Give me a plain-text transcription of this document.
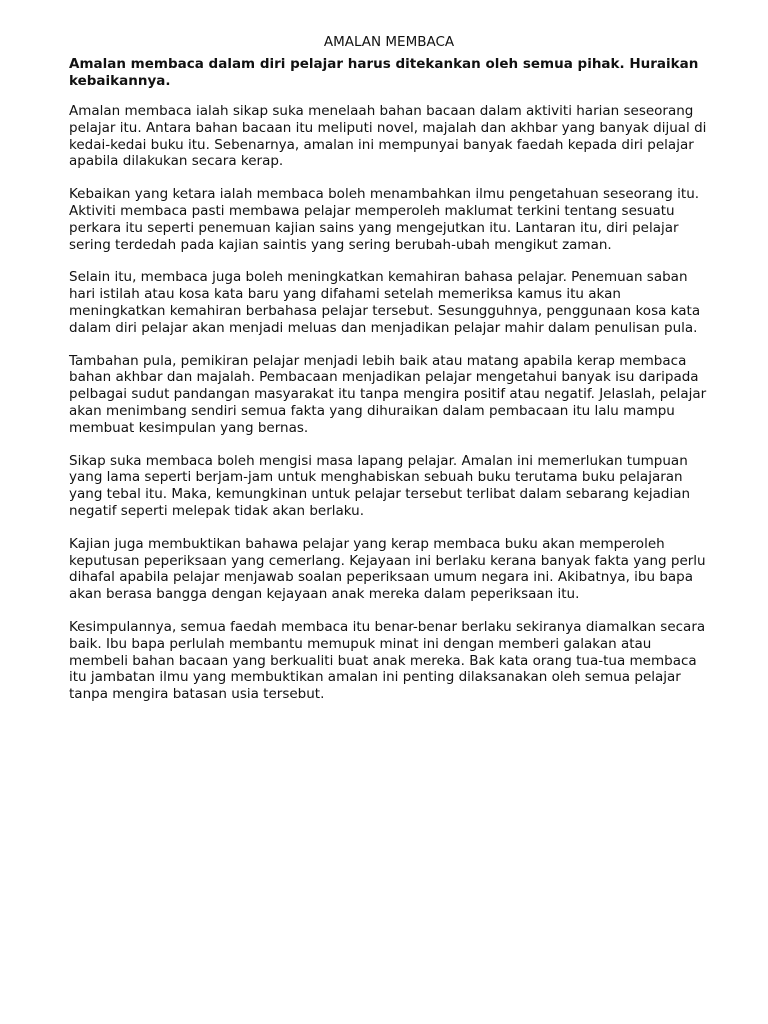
AMALAN MEMBACA
Amalan membaca dalam diri pelajar harus ditekankan oleh semua pihak. Huraikan kebaikannya.

Amalan membaca ialah sikap suka menelaah bahan bacaan dalam aktiviti harian seseorang pelajar itu. Antara bahan bacaan itu meliputi novel, majalah dan akhbar yang banyak dijual di kedai-kedai buku itu. Sebenarnya, amalan ini mempunyai banyak faedah kepada diri pelajar apabila dilakukan secara kerap.

Kebaikan yang ketara ialah membaca boleh menambahkan ilmu pengetahuan seseorang itu. Aktiviti membaca pasti membawa pelajar memperoleh maklumat terkini tentang sesuatu perkara itu seperti penemuan kajian sains yang mengejutkan itu. Lantaran itu, diri pelajar sering terdedah pada kajian saintis yang sering berubah-ubah mengikut zaman.

Selain itu, membaca juga boleh meningkatkan kemahiran bahasa pelajar. Penemuan saban hari istilah atau kosa kata baru yang difahami setelah memeriksa kamus itu akan meningkatkan kemahiran berbahasa pelajar tersebut. Sesungguhnya, penggunaan kosa kata dalam diri pelajar akan menjadi meluas dan menjadikan pelajar mahir dalam penulisan pula.

Tambahan pula, pemikiran pelajar menjadi lebih baik atau matang apabila kerap membaca bahan akhbar dan majalah. Pembacaan menjadikan pelajar mengetahui banyak isu daripada pelbagai sudut pandangan masyarakat itu tanpa mengira positif atau negatif. Jelaslah, pelajar akan menimbang sendiri semua fakta yang dihuraikan dalam pembacaan itu lalu mampu membuat kesimpulan yang bernas.

Sikap suka membaca boleh mengisi masa lapang pelajar. Amalan ini memerlukan tumpuan yang lama seperti berjam-jam untuk menghabiskan sebuah buku terutama buku pelajaran yang tebal itu. Maka, kemungkinan untuk pelajar tersebut terlibat dalam sebarang kejadian negatif seperti melepak tidak akan berlaku.

Kajian juga membuktikan bahawa pelajar yang kerap membaca buku akan memperoleh keputusan peperiksaan yang cemerlang. Kejayaan ini berlaku kerana banyak fakta yang perlu dihafal apabila pelajar menjawab soalan peperiksaan umum negara ini. Akibatnya, ibu bapa akan berasa bangga dengan kejayaan anak mereka dalam peperiksaan itu.

Kesimpulannya, semua faedah membaca itu benar-benar berlaku sekiranya diamalkan secara baik. Ibu bapa perlulah membantu memupuk minat ini dengan memberi galakan atau membeli bahan bacaan yang berkualiti buat anak mereka. Bak kata orang tua-tua membaca itu jambatan ilmu yang membuktikan amalan ini penting dilaksanakan oleh semua pelajar tanpa mengira batasan usia tersebut.
